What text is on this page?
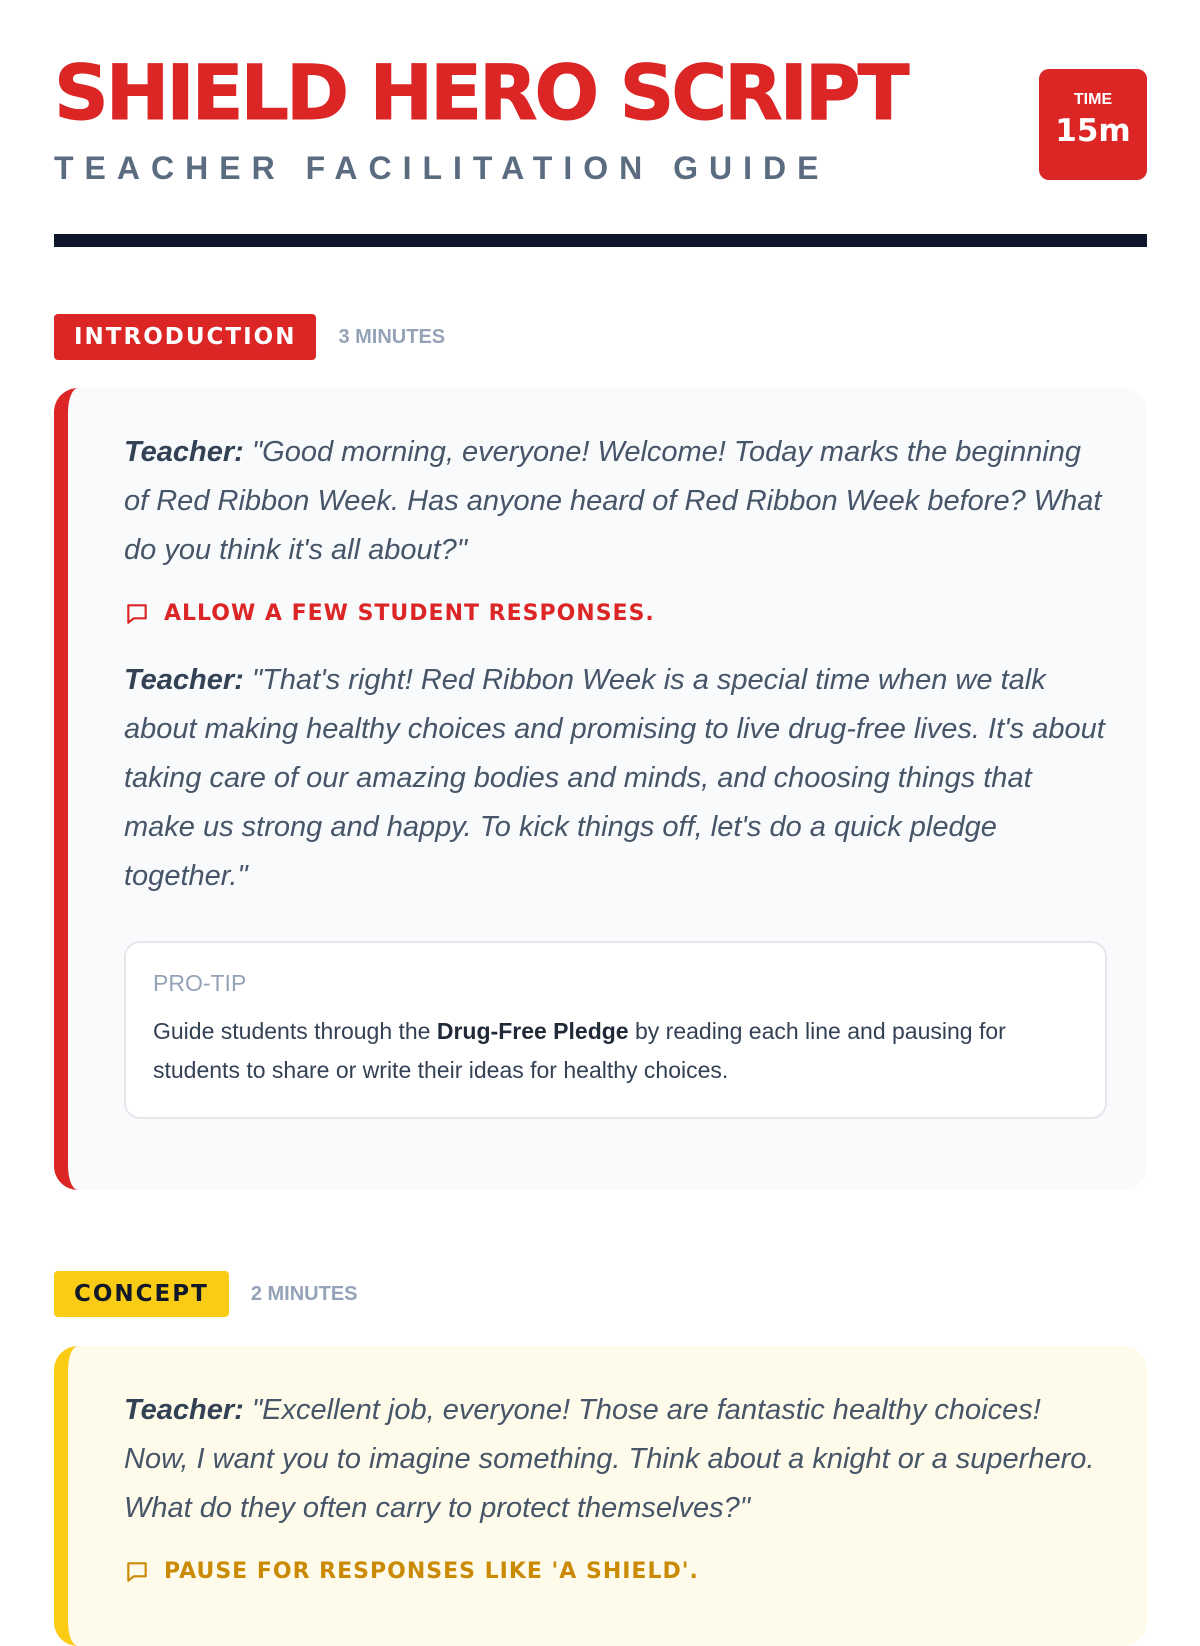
SHIELD HERO SCRIPT
TEACHER FACILITATION GUIDE
TIME
15m
INTRODUCTION	3 MINUTES

Teacher: "Good morning, everyone! Welcome! Today marks the beginning of Red Ribbon Week. Has anyone heard of Red Ribbon Week before? What do you think it's all about?"

ALLOW A FEW STUDENT RESPONSES.

Teacher: "That's right! Red Ribbon Week is a special time when we talk about making healthy choices and promising to live drug-free lives. It's about taking care of our amazing bodies and minds, and choosing things that make us strong and happy. To kick things off, let's do a quick pledge together."

PRO-TIP
Guide students through the Drug-Free Pledge by reading each line and pausing for students to share or write their ideas for healthy choices.
CONCEPT	2 MINUTES

Teacher: "Excellent job, everyone! Those are fantastic healthy choices! Now, I want you to imagine something. Think about a knight or a superhero. What do they often carry to protect themselves?"

PAUSE FOR RESPONSES LIKE 'A SHIELD'.
